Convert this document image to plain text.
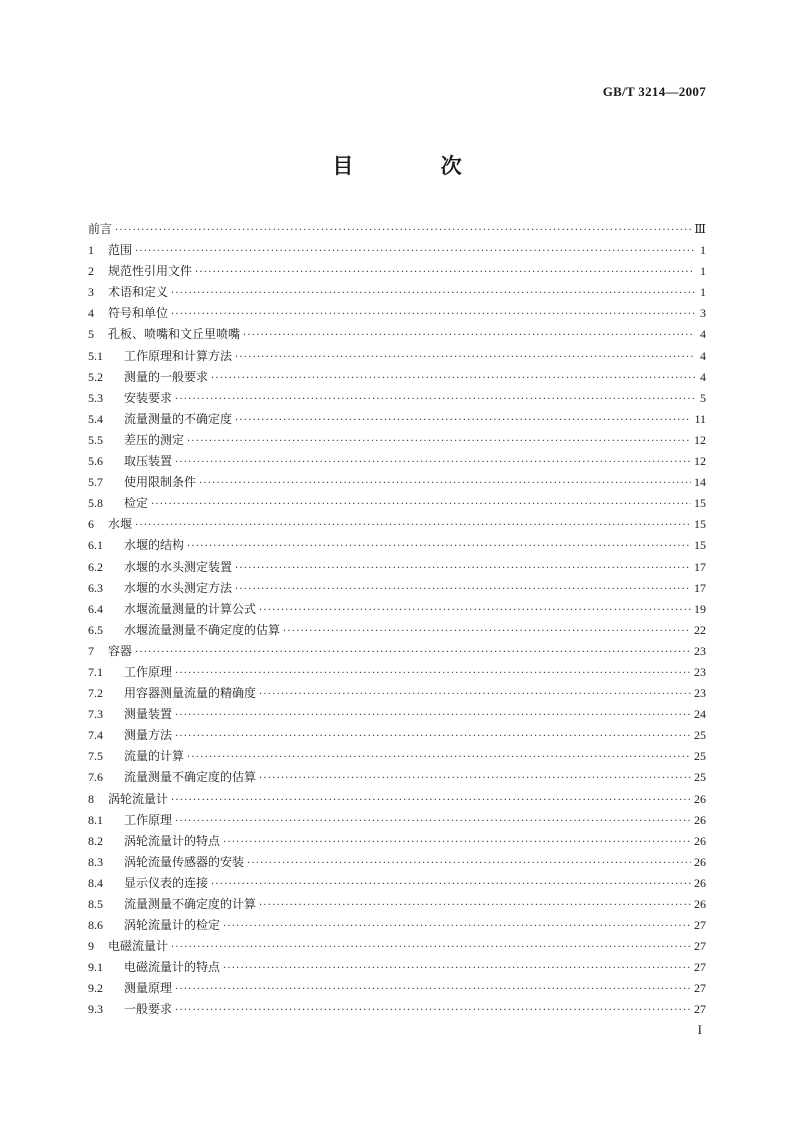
GB/T 3214—2007
目 次
前言 ·····	Ⅲ
1	范围 ·····	1
2	规范性引用文件 ·····	1
3	术语和定义 ·····	1
4	符号和单位 ·····	3
5	孔板、喷嘴和文丘里喷嘴 ·····	4
5.1	工作原理和计算方法 ·····	4
5.2	测量的一般要求 ·····	4
5.3	安装要求 ·····	5
5.4	流量测量的不确定度 ·····	11
5.5	差压的测定 ·····	12
5.6	取压装置 ·····	12
5.7	使用限制条件 ·····	14
5.8	检定 ·····	15
6	水堰 ·····	15
6.1	水堰的结构 ·····	15
6.2	水堰的水头测定装置 ·····	17
6.3	水堰的水头测定方法 ·····	17
6.4	水堰流量测量的计算公式 ·····	19
6.5	水堰流量测量不确定度的估算 ·····	22
7	容器 ·····	23
7.1	工作原理 ·····	23
7.2	用容器测量流量的精确度 ·····	23
7.3	测量装置 ·····	24
7.4	测量方法 ·····	25
7.5	流量的计算 ·····	25
7.6	流量测量不确定度的估算 ·····	25
8	涡轮流量计 ·····	26
8.1	工作原理 ·····	26
8.2	涡轮流量计的特点 ·····	26
8.3	涡轮流量传感器的安装 ·····	26
8.4	显示仪表的连接 ·····	26
8.5	流量测量不确定度的计算 ·····	26
8.6	涡轮流量计的检定 ·····	27
9	电磁流量计 ·····	27
9.1	电磁流量计的特点 ·····	27
9.2	测量原理 ·····	27
9.3	一般要求 ·····	27
I
